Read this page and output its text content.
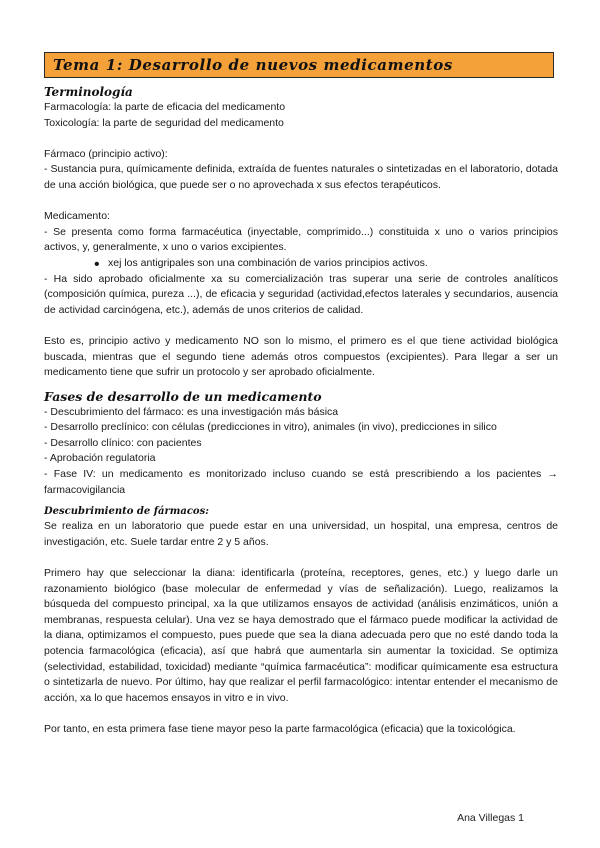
Tema 1: Desarrollo de nuevos medicamentos
Terminología

Farmacología: la parte de eficacia del medicamento

Toxicología: la parte de seguridad del medicamento

Fármaco (principio activo):

- Sustancia pura, químicamente definida, extraída de fuentes naturales o sintetizadas en el laboratorio, dotada de una acción biológica, que puede ser o no aprovechada x sus efectos terapéuticos.

Medicamento:

- Se presenta como forma farmacéutica (inyectable, comprimido...) constituida x uno o varios principios activos, y, generalmente, x uno o varios excipientes.

• xej los antigripales son una combinación de varios principios activos.

- Ha sido aprobado oficialmente xa su comercialización tras superar una serie de controles analíticos (composición química, pureza ...), de eficacia y seguridad (actividad,efectos laterales y secundarios, ausencia de actividad carcinógena, etc.), además de unos criterios de calidad.

Esto es, principio activo y medicamento NO son lo mismo, el primero es el que tiene actividad biológica buscada, mientras que el segundo tiene además otros compuestos (excipientes). Para llegar a ser un medicamento tiene que sufrir un protocolo y ser aprobado oficialmente.

Fases de desarrollo de un medicamento

- Descubrimiento del fármaco: es una investigación más básica

- Desarrollo preclínico: con células (predicciones in vitro), animales (in vivo), predicciones in silico

- Desarrollo clínico: con pacientes

- Aprobación regulatoria

- Fase IV: un medicamento es monitorizado incluso cuando se está prescribiendo a los pacientes → farmacovigilancia

Descubrimiento de fármacos:

Se realiza en un laboratorio que puede estar en una universidad, un hospital, una empresa, centros de investigación, etc. Suele tardar entre 2 y 5 años.

Primero hay que seleccionar la diana: identificarla (proteína, receptores, genes, etc.) y luego darle un razonamiento biológico (base molecular de enfermedad y vías de señalización). Luego, realizamos la búsqueda del compuesto principal, xa la que utilizamos ensayos de actividad (análisis enzimáticos, unión a membranas, respuesta celular). Una vez se haya demostrado que el fármaco puede modificar la actividad de la diana, optimizamos el compuesto, pues puede que sea la diana adecuada pero que no esté dando toda la potencia farmacológica (eficacia), así que habrá que aumentarla sin aumentar la toxicidad. Se optimiza (selectividad, estabilidad, toxicidad) mediante “química farmacéutica”: modificar químicamente esa estructura o sintetizarla de nuevo. Por último, hay que realizar el perfil farmacológico: intentar entender el mecanismo de acción, xa lo que hacemos ensayos in vitro e in vivo.

Por tanto, en esta primera fase tiene mayor peso la parte farmacológica (eficacia) que la toxicológica.

Ana Villegas 1
